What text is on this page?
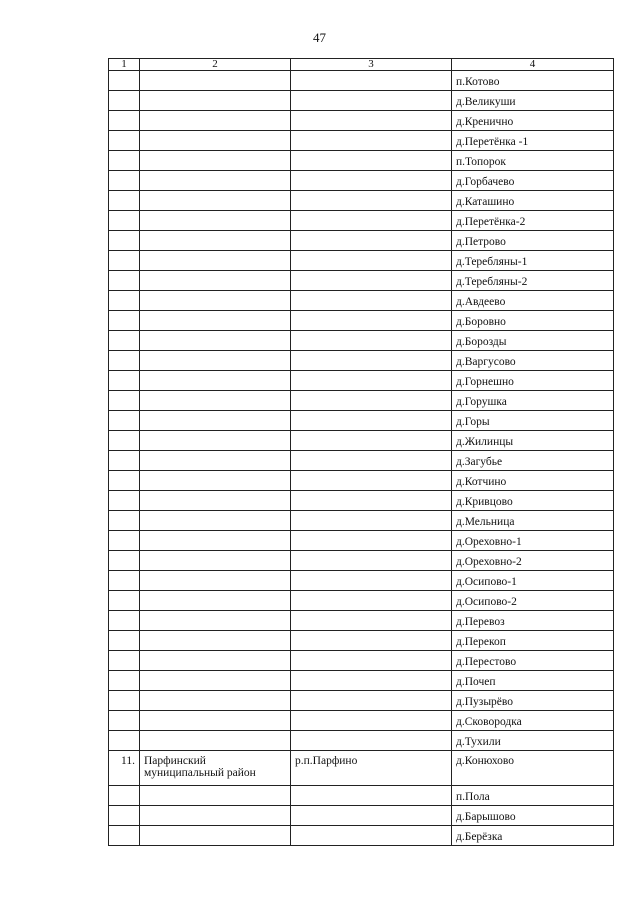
47
1	2	3	4
			п.Котово
			д.Великуши
			д.Кренично
			д.Перетёнка -1
			п.Топорок
			д.Горбачево
			д.Каташино
			д.Перетёнка-2
			д.Петрово
			д.Теребляны-1
			д.Теребляны-2
			д.Авдеево
			д.Боровно
			д.Борозды
			д.Варгусово
			д.Горнешно
			д.Горушка
			д.Горы
			д.Жилинцы
			д.Загубье
			д.Котчино
			д.Кривцово
			д.Мельница
			д.Ореховно-1
			д.Ореховно-2
			д.Осипово-1
			д.Осипово-2
			д.Перевоз
			д.Перекоп
			д.Перестово
			д.Почеп
			д.Пузырёво
			д.Сковородка
			д.Тухили
11.	Парфинский муниципальный район	р.п.Парфино	д.Конюхово
			п.Пола
			д.Барышово
			д.Берёзка
